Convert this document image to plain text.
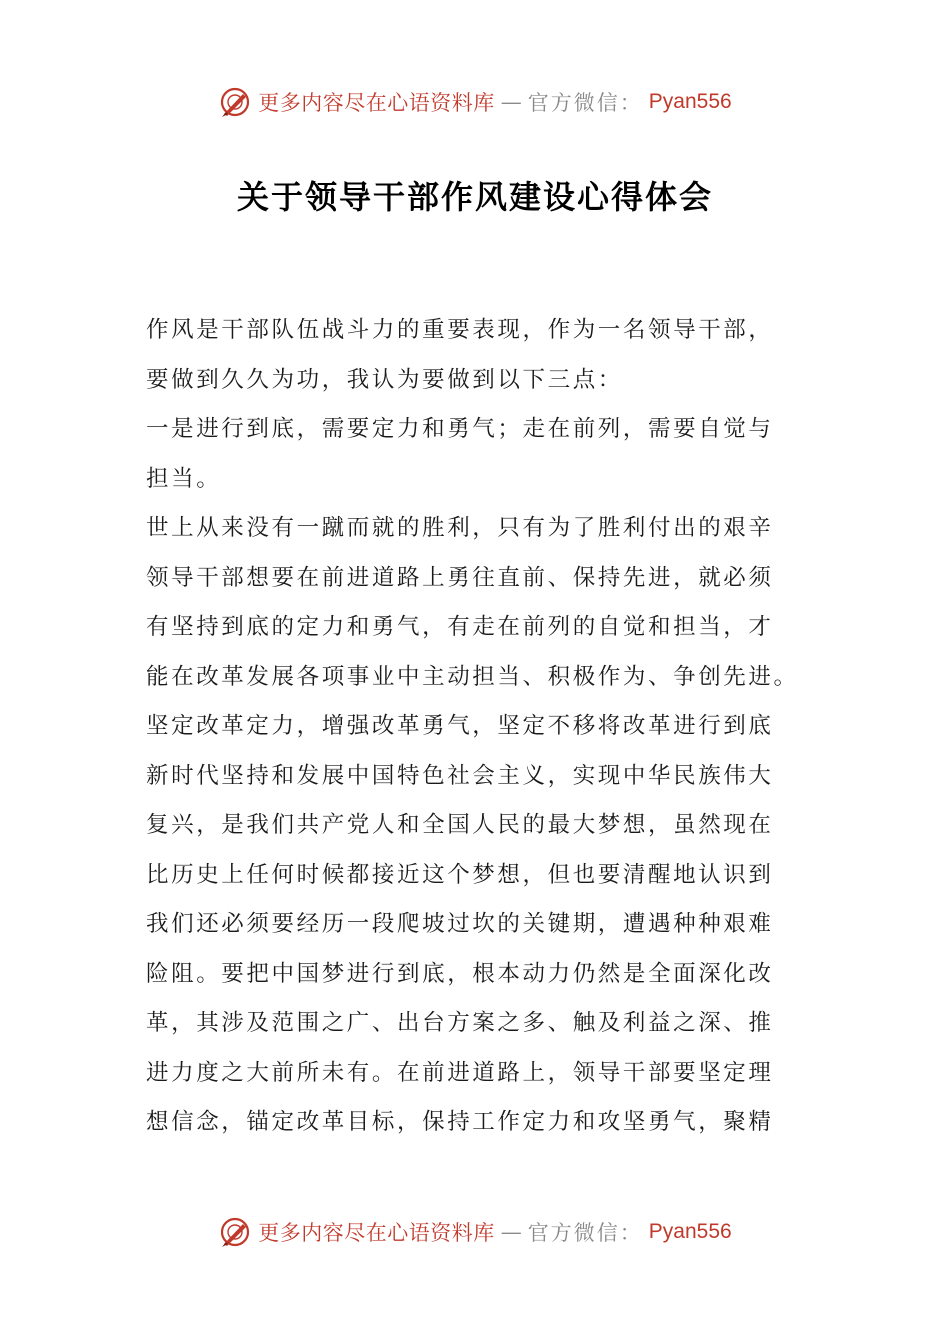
更多内容尽在心语资料库 — 官方微信： Pyan556
关于领导干部作风建设心得体会
作风是干部队伍战斗力的重要表现，作为一名领导干部，
要做到久久为功，我认为要做到以下三点：
一是进行到底，需要定力和勇气；走在前列，需要自觉与
担当。
世上从来没有一蹴而就的胜利，只有为了胜利付出的艰辛
领导干部想要在前进道路上勇往直前、保持先进，就必须
有坚持到底的定力和勇气，有走在前列的自觉和担当，才
能在改革发展各项事业中主动担当、积极作为、争创先进。
坚定改革定力，增强改革勇气，坚定不移将改革进行到底
新时代坚持和发展中国特色社会主义，实现中华民族伟大
复兴，是我们共产党人和全国人民的最大梦想，虽然现在
比历史上任何时候都接近这个梦想，但也要清醒地认识到
我们还必须要经历一段爬坡过坎的关键期，遭遇种种艰难
险阻。要把中国梦进行到底，根本动力仍然是全面深化改
革，其涉及范围之广、出台方案之多、触及利益之深、推
进力度之大前所未有。在前进道路上，领导干部要坚定理
想信念，锚定改革目标，保持工作定力和攻坚勇气，聚精
更多内容尽在心语资料库 — 官方微信： Pyan556
